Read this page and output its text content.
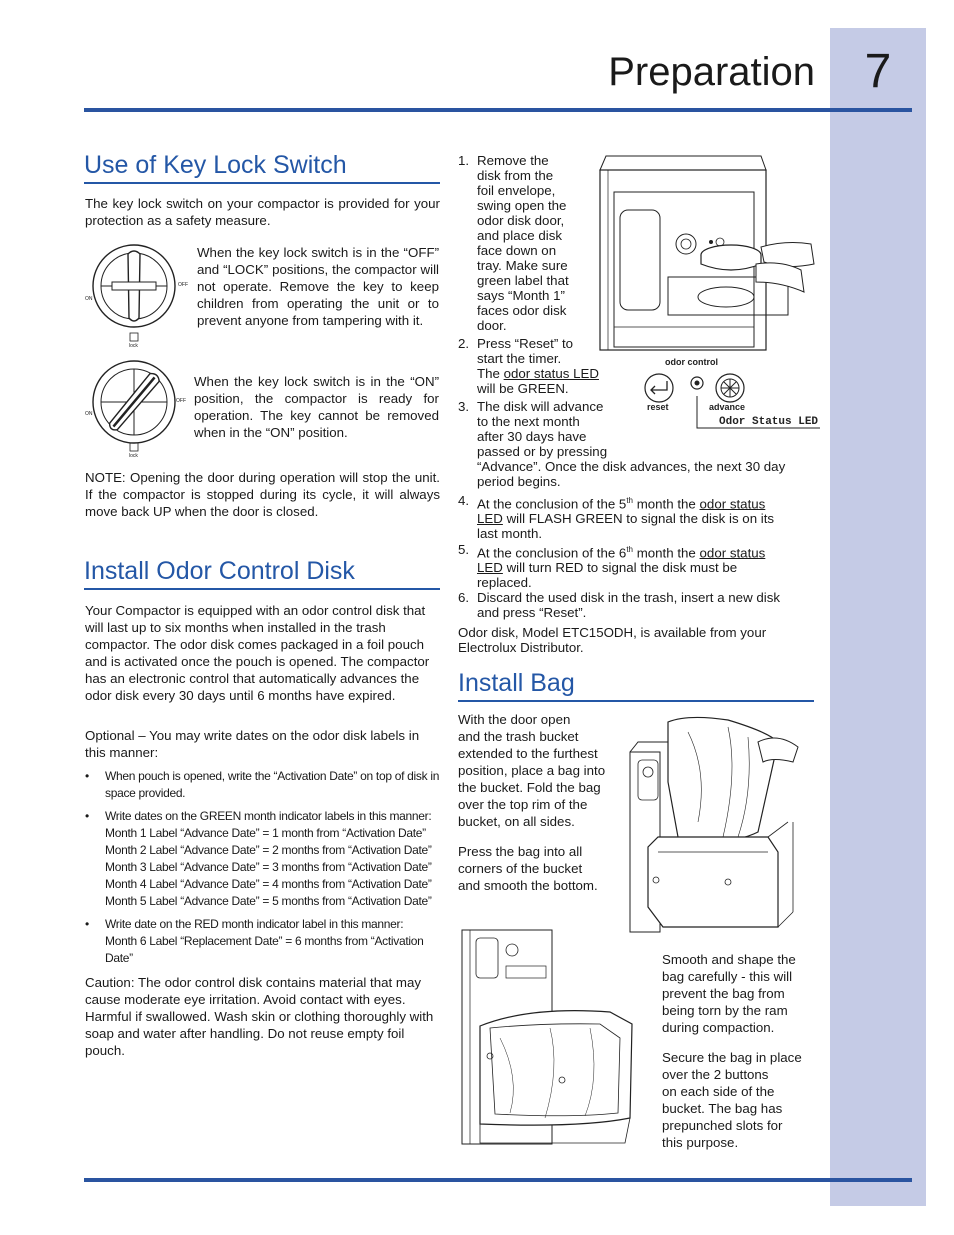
7
Preparation
Use of Key Lock Switch
The key lock switch on your compactor is provided for your protection as a safety measure.
ON
OFF
lock
When the key lock switch is in the “OFF” and “LOCK” positions, the compactor will not operate. Remove the key to keep children from operating the unit or to prevent anyone from tampering with it.
ON
OFF
lock
When the key lock switch is in the “ON” position, the compactor is ready for operation. The key cannot be removed when in the “ON” position.
NOTE: Opening the door during operation will stop the unit. If the compactor is stopped during its cycle, it will always move back UP when the door is closed.
Install Odor Control Disk
Your Compactor is equipped with an odor control disk that will last up to six months when installed in the trash compactor. The odor disk comes packaged in a foil pouch and is activated once the pouch is opened. The compactor has an electronic control that automatically advances the odor disk every 30 days until 6 months have expired.
Optional – You may write dates on the odor disk labels in this manner:
• When pouch is opened, write the “Activation Date” on top of disk in space provided.
• Write dates on the GREEN month indicator labels in this manner:
Month 1 Label “Advance Date” = 1 month from “Activation Date”
Month 2 Label “Advance Date” = 2 months from “Activation Date”
Month 3 Label “Advance Date” = 3 months from “Activation Date”
Month 4 Label “Advance Date” = 4 months from “Activation Date”
Month 5 Label “Advance Date” = 5 months from “Activation Date”
• Write date on the RED month indicator label in this manner:
Month 6 Label “Replacement Date” = 6 months from “Activation Date”
Caution: The odor control disk contains material that may cause moderate eye irritation. Avoid contact with eyes. Harmful if swallowed. Wash skin or clothing thoroughly with soap and water after handling. Do not reuse empty foil pouch.
1. Remove the
disk from the
foil envelope,
swing open the
odor disk door,
and place disk
face down on
tray. Make sure
green label that
says “Month 1”
faces odor disk
door.
2. Press “Reset” to
start the timer.
The odor status LED
will be GREEN.
odor control
reset	advance
Odor Status LED
3. The disk will advance
to the next month
after 30 days have
passed or by pressing
“Advance”. Once the disk advances, the next 30 day
period begins.
4. At the conclusion of the 5th month the odor status
LED will FLASH GREEN to signal the disk is on its
last month.
5. At the conclusion of the 6th month the odor status
LED will turn RED to signal the disk must be
replaced.
6. Discard the used disk in the trash, insert a new disk
and press “Reset”.
Odor disk, Model ETC15ODH, is available from your
Electrolux Distributor.
Install Bag
With the door open
and the trash bucket
extended to the furthest
position, place a bag into
the bucket. Fold the bag
over the top rim of the
bucket, on all sides.
Press the bag into all
corners of the bucket
and smooth the bottom.
Smooth and shape the
bag carefully - this will
prevent the bag from
being torn by the ram
during compaction.
Secure the bag in place
over the 2 buttons
on each side of the
bucket. The bag has
prepunched slots for
this purpose.
